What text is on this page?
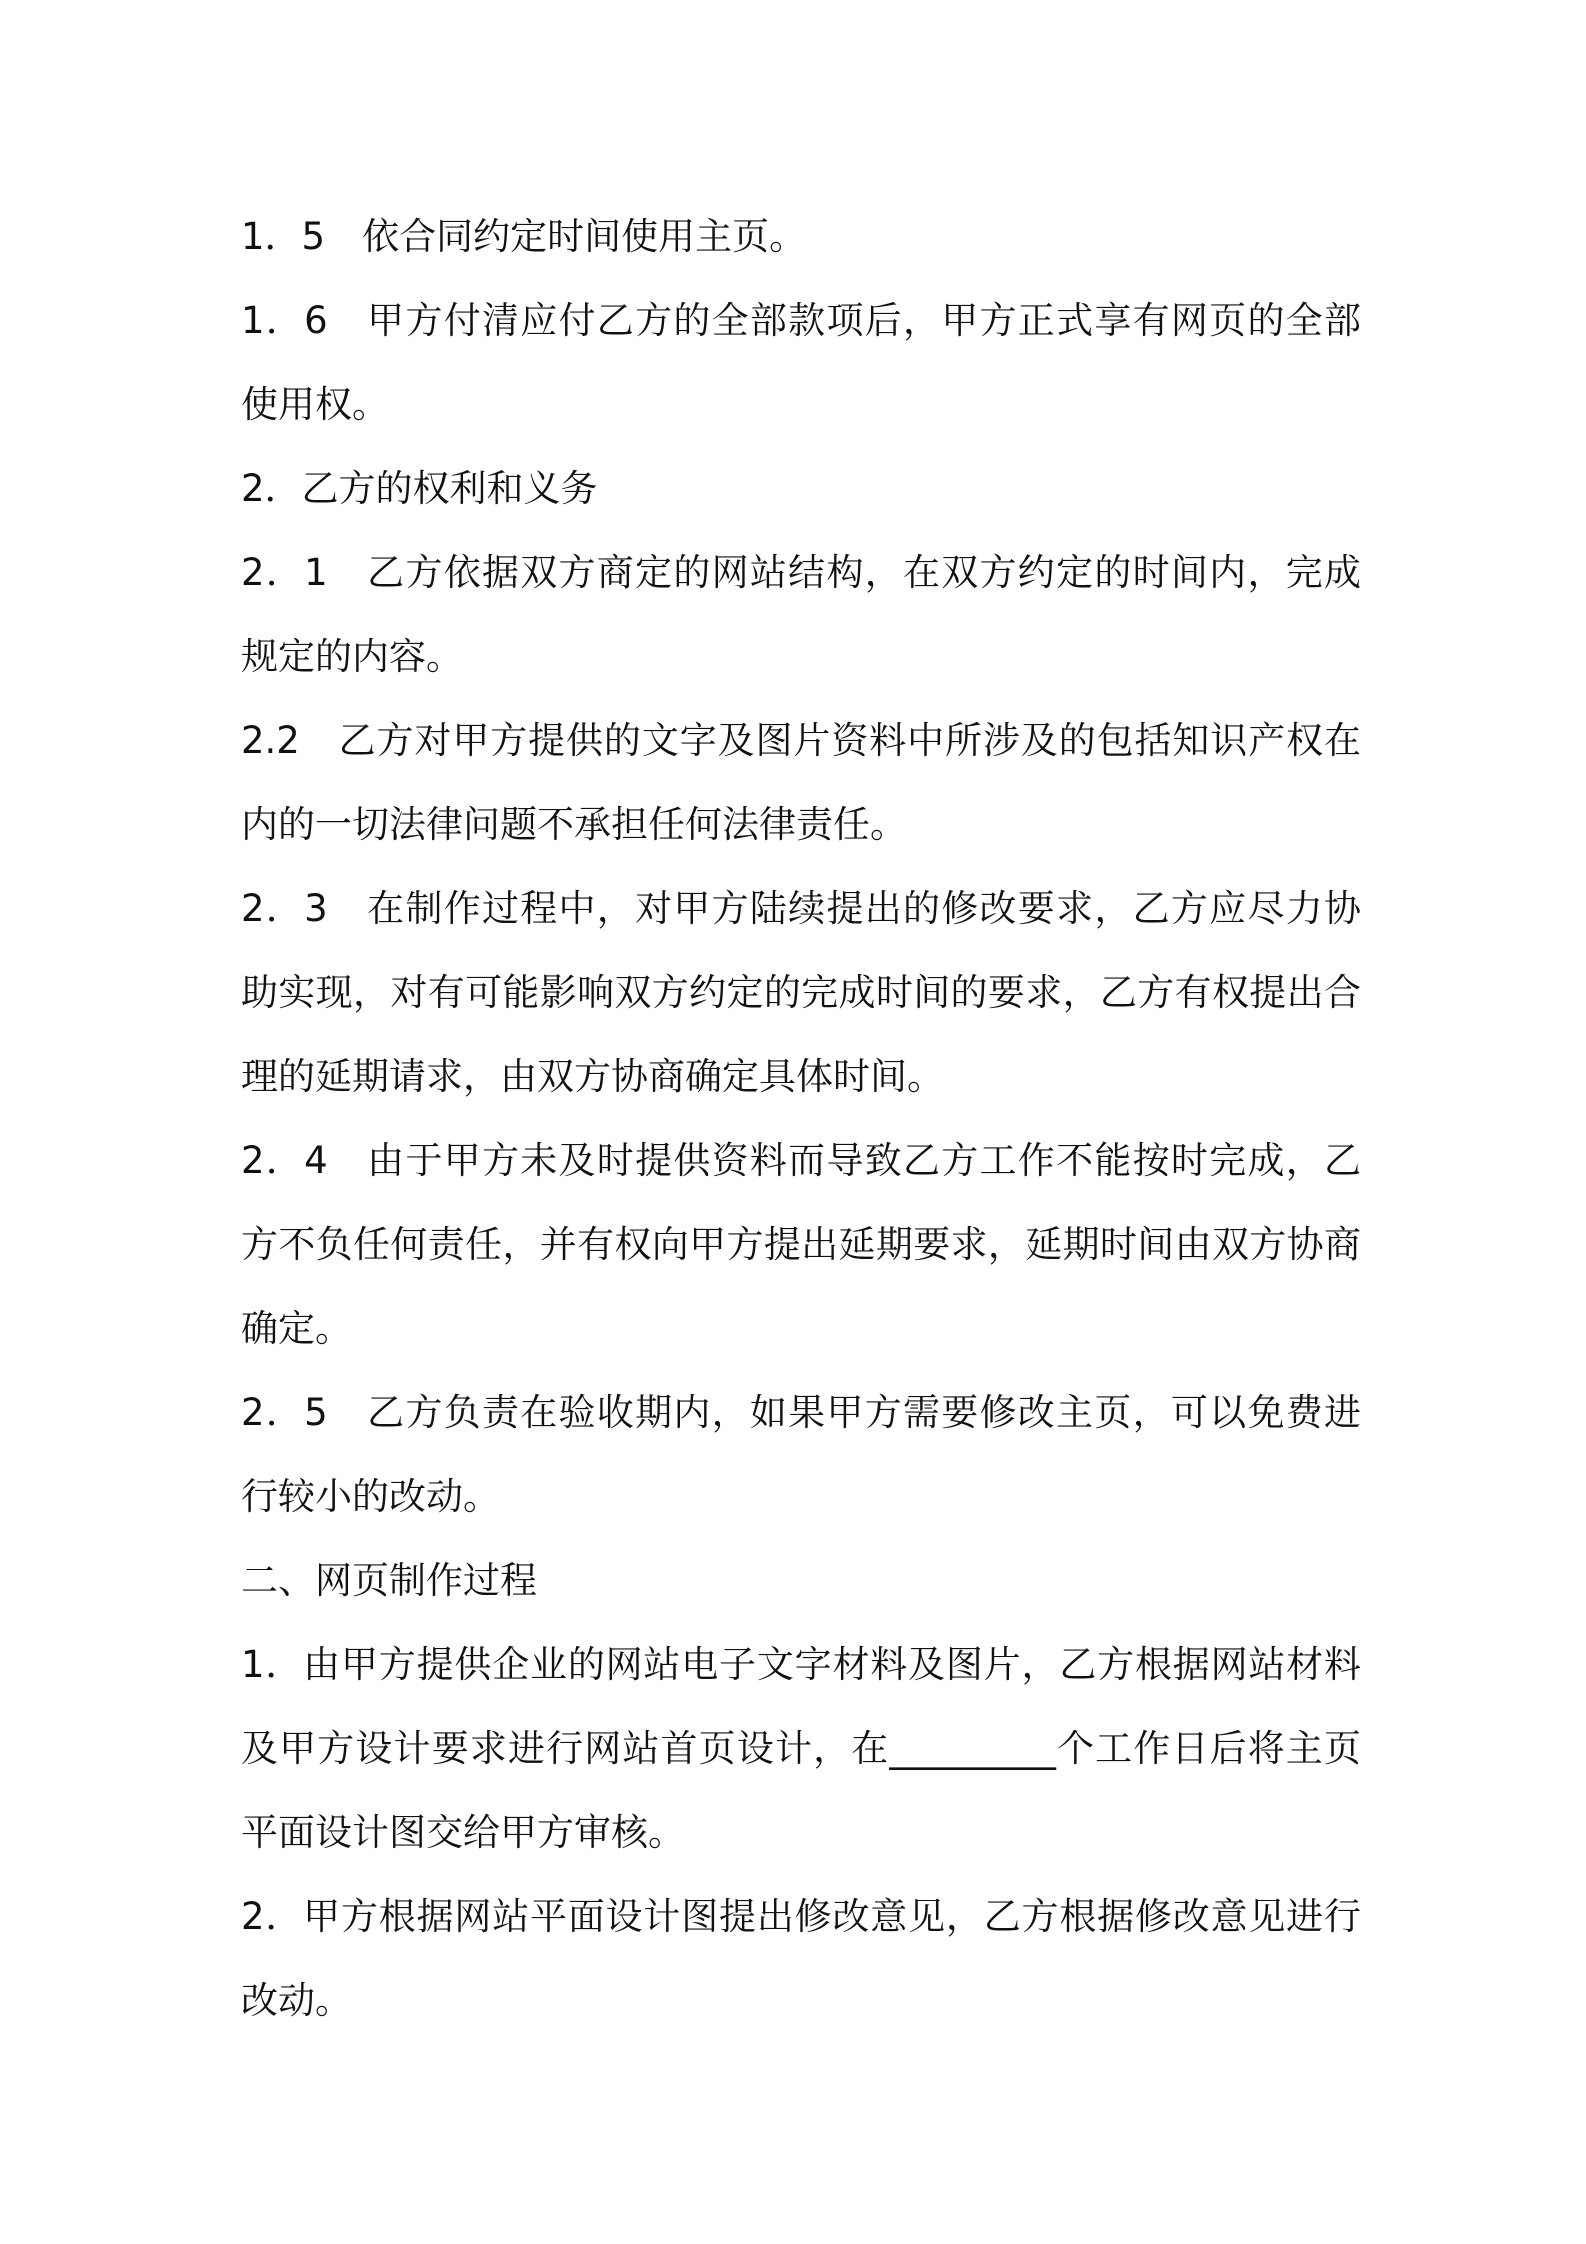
1．5　依合同约定时间使用主页。

1．6　甲方付清应付乙方的全部款项后，甲方正式享有网页的全部使用权。

2．乙方的权利和义务

2．1　乙方依据双方商定的网站结构，在双方约定的时间内，完成规定的内容。

2.2　乙方对甲方提供的文字及图片资料中所涉及的包括知识产权在内的一切法律问题不承担任何法律责任。

2．3　在制作过程中，对甲方陆续提出的修改要求，乙方应尽力协助实现，对有可能影响双方约定的完成时间的要求，乙方有权提出合理的延期请求，由双方协商确定具体时间。

2．4　由于甲方未及时提供资料而导致乙方工作不能按时完成，乙方不负任何责任，并有权向甲方提出延期要求，延期时间由双方协商确定。

2．5　乙方负责在验收期内，如果甲方需要修改主页，可以免费进行较小的改动。

二、网页制作过程

1．由甲方提供企业的网站电子文字材料及图片，乙方根据网站材料及甲方设计要求进行网站首页设计，在_________个工作日后将主页平面设计图交给甲方审核。

2．甲方根据网站平面设计图提出修改意见，乙方根据修改意见进行改动。
